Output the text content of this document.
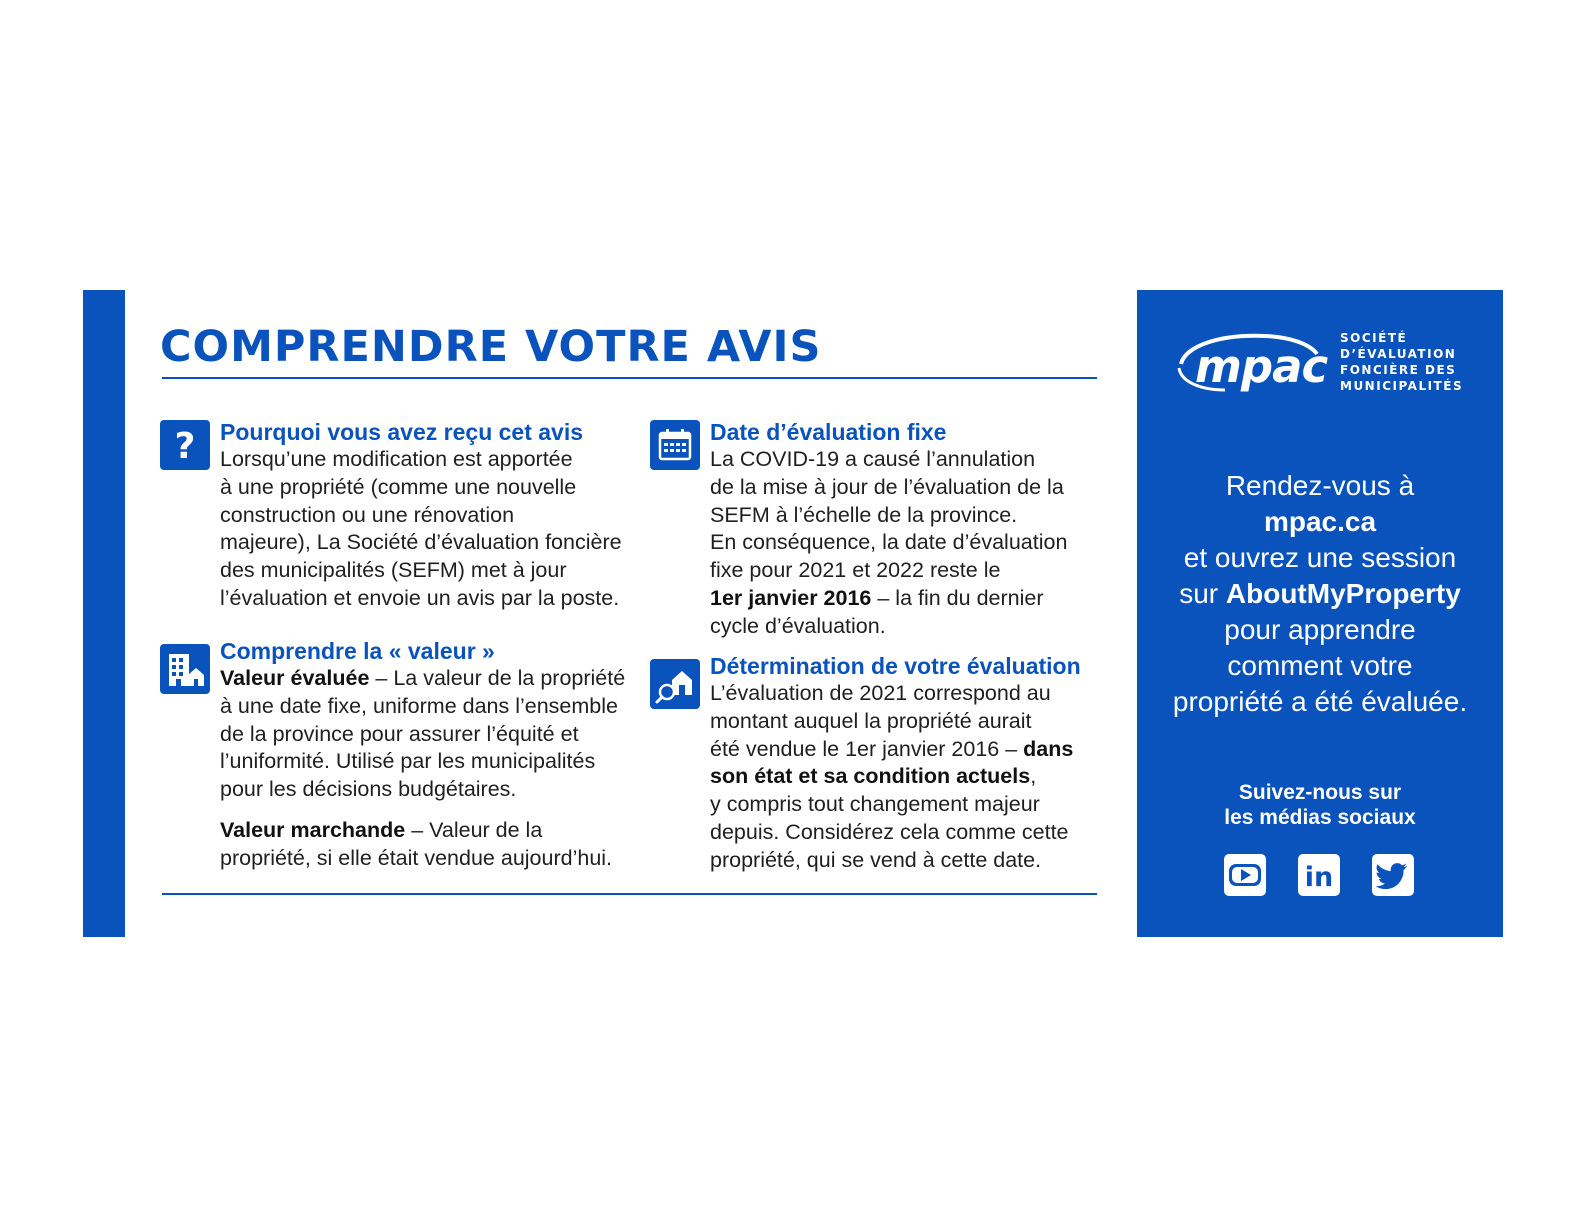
COMPRENDRE VOTRE AVIS
? Pourquoi vous avez reçu cet avis

Lorsqu’une modification est apportée
à une propriété (comme une nouvelle
construction ou une rénovation
majeure), La Société d’évaluation foncière
des municipalités (SEFM) met à jour
l’évaluation et envoie un avis par la poste.

Comprendre la « valeur »

Valeur évaluée – La valeur de la propriété
à une date fixe, uniforme dans l’ensemble
de la province pour assurer l’équité et
l’uniformité. Utilisé par les municipalités
pour les décisions budgétaires.

Valeur marchande – Valeur de la
propriété, si elle était vendue aujourd’hui.

Date d’évaluation fixe

La COVID-19 a causé l’annulation
de la mise à jour de l’évaluation de la
SEFM à l’échelle de la province.
En conséquence, la date d’évaluation
fixe pour 2021 et 2022 reste le
1er janvier 2016 – la fin du dernier
cycle d’évaluation.

Détermination de votre évaluation

L’évaluation de 2021 correspond au
montant auquel la propriété aurait
été vendue le 1er janvier 2016 – dans
son état et sa condition actuels,
y compris tout changement majeur
depuis. Considérez cela comme cette
propriété, qui se vend à cette date.

mpac
SOCIÉTÉ
D’ÉVALUATION
FONCIÈRE DES
MUNICIPALITÉS
Rendez-vous à
mpac.ca
et ouvrez une session
sur AboutMyProperty
pour apprendre
comment votre
propriété a été évaluée.
Suivez-nous sur
les médias sociaux
in
